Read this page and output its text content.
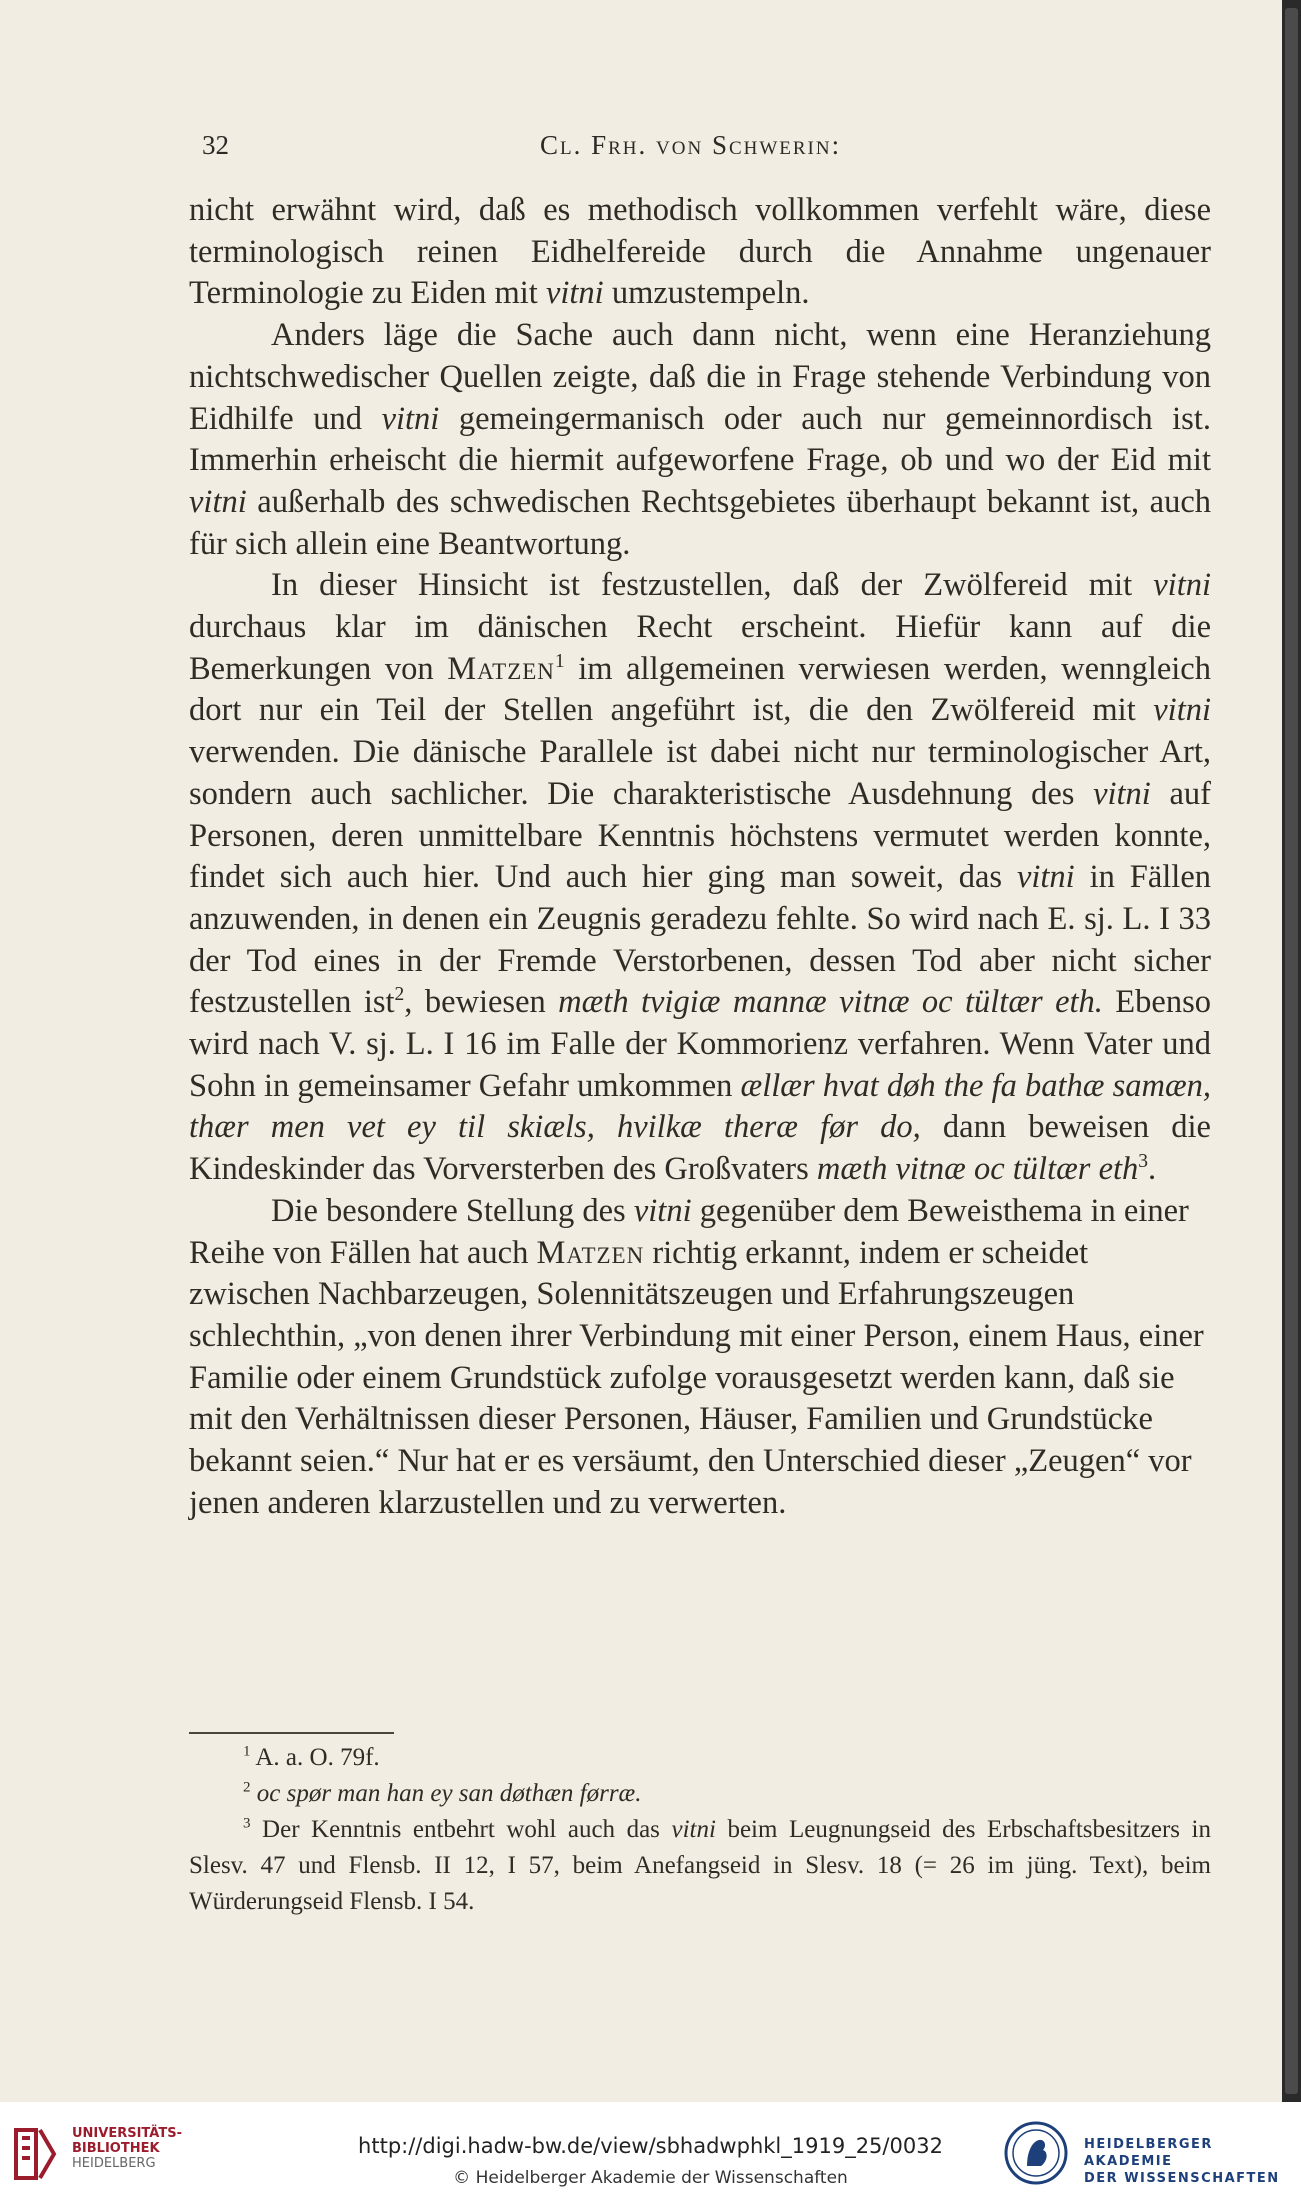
32	Cl. Frh. von Schwerin:

nicht erwähnt wird, daß es methodisch vollkommen verfehlt wäre, diese terminologisch reinen Eidhelfereide durch die Annahme ungenauer Terminologie zu Eiden mit vitni umzustempeln.

Anders läge die Sache auch dann nicht, wenn eine Heranziehung nichtschwedischer Quellen zeigte, daß die in Frage stehende Verbindung von Eidhilfe und vitni gemeingermanisch oder auch nur gemeinnordisch ist. Immerhin erheischt die hiermit aufgeworfene Frage, ob und wo der Eid mit vitni außerhalb des schwedischen Rechtsgebietes überhaupt bekannt ist, auch für sich allein eine Beantwortung.

In dieser Hinsicht ist festzustellen, daß der Zwölfereid mit vitni durchaus klar im dänischen Recht erscheint. Hiefür kann auf die Bemerkungen von Matzen$^1$ im allgemeinen verwiesen werden, wenngleich dort nur ein Teil der Stellen angeführt ist, die den Zwölfereid mit vitni verwenden. Die dänische Parallele ist dabei nicht nur terminologischer Art, sondern auch sachlicher. Die charakteristische Ausdehnung des vitni auf Personen, deren unmittelbare Kenntnis höchstens vermutet werden konnte, findet sich auch hier. Und auch hier ging man soweit, das vitni in Fällen anzuwenden, in denen ein Zeugnis geradezu fehlte. So wird nach E. sj. L. I 33 der Tod eines in der Fremde Verstorbenen, dessen Tod aber nicht sicher festzustellen ist$^2$, bewiesen mæth tvigiæ mannæ vitnæ oc tültær eth. Ebenso wird nach V. sj. L. I 16 im Falle der Kommorienz verfahren. Wenn Vater und Sohn in gemeinsamer Gefahr umkommen ællær hvat døh the fa bathæ samæn, thær men vet ey til skiæls, hvilkæ theræ før do, dann beweisen die Kindeskinder das Vorversterben des Großvaters mæth vitnæ oc tültær eth$^3$.

Die besondere Stellung des vitni gegenüber dem Beweisthema in einer Reihe von Fällen hat auch Matzen richtig erkannt, indem er scheidet zwischen Nachbarzeugen, Solennitätszeugen und Erfahrungszeugen schlechthin, „von denen ihrer Verbindung mit einer Person, einem Haus, einer Familie oder einem Grundstück zufolge vorausgesetzt werden kann, daß sie mit den Verhältnissen dieser Personen, Häuser, Familien und Grundstücke bekannt seien.“ Nur hat er es versäumt, den Unterschied dieser „Zeugen“ vor jenen anderen klarzustellen und zu verwerten.

$^1$ A. a. O. 79f.

$^2$ oc spør man han ey san døthæn førræ.

$^3$ Der Kenntnis entbehrt wohl auch das vitni beim Leugnungseid des Erbschaftsbesitzers in Slesv. 47 und Flensb. II 12, I 57, beim Anefangseid in Slesv. 18 (= 26 im jüng. Text), beim Würderungseid Flensb. I 54.

UNIVERSITÄTS-
BIBLIOTHEK
HEIDELBERG
http://digi.hadw-bw.de/view/sbhadwphkl_1919_25/0032
© Heidelberger Akademie der Wissenschaften
HEIDELBERGER AKADEMIE
DER WISSENSCHAFTEN
